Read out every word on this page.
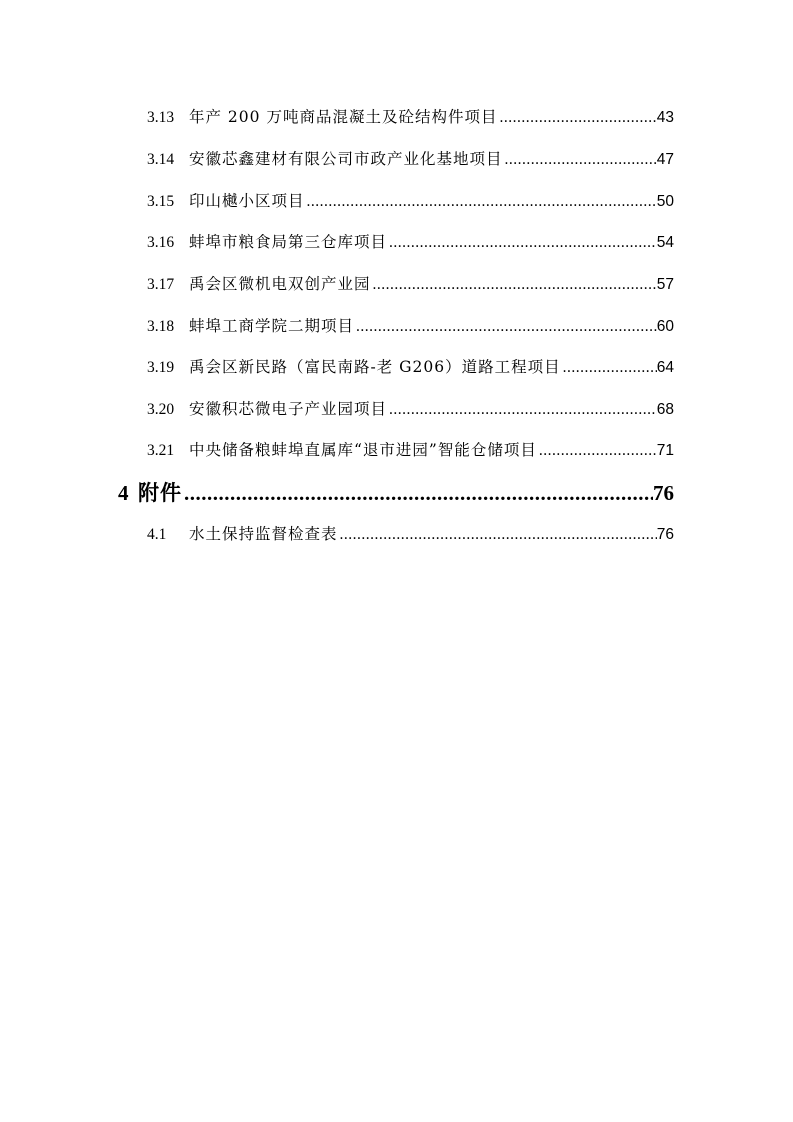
3.13 年产 200 万吨商品混凝土及砼结构件项目 .....	43
3.14 安徽芯鑫建材有限公司市政产业化基地项目 .....	47
3.15 印山樾小区项目 .....	50
3.16 蚌埠市粮食局第三仓库项目 .....	54
3.17 禹会区微机电双创产业园 .....	57
3.18 蚌埠工商学院二期项目 .....	60
3.19 禹会区新民路（富民南路-老 G206）道路工程项目 .....	64
3.20 安徽积芯微电子产业园项目 .....	68
3.21 中央储备粮蚌埠直属库“退市进园”智能仓储项目 .....	71
4 附件 .....	76
4.1	水土保持监督检查表 .....	76
